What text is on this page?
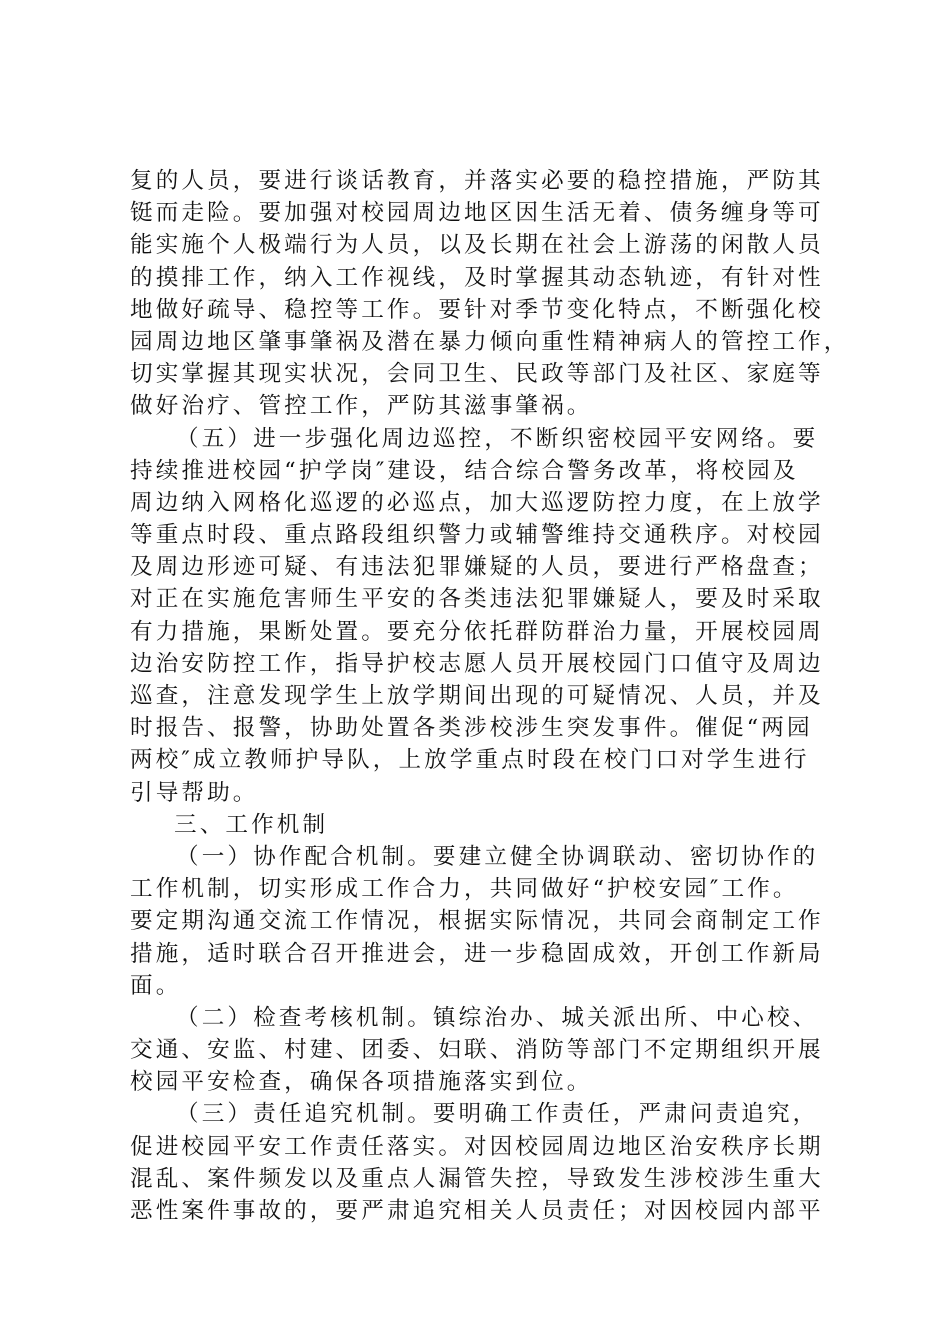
复的人员，要进行谈话教育，并落实必要的稳控措施，严防其
铤而走险。要加强对校园周边地区因生活无着、债务缠身等可
能实施个人极端行为人员，以及长期在社会上游荡的闲散人员
的摸排工作，纳入工作视线，及时掌握其动态轨迹，有针对性
地做好疏导、稳控等工作。要针对季节变化特点，不断强化校
园周边地区肇事肇祸及潜在暴力倾向重性精神病人的管控工作，
切实掌握其现实状况，会同卫生、民政等部门及社区、家庭等
做好治疗、管控工作，严防其滋事肇祸。
（五）进一步强化周边巡控，不断织密校园平安网络。要
持续推进校园“护学岗″建设，结合综合警务改革，将校园及
周边纳入网格化巡逻的必巡点，加大巡逻防控力度，在上放学
等重点时段、重点路段组织警力或辅警维持交通秩序。对校园
及周边形迹可疑、有违法犯罪嫌疑的人员，要进行严格盘查；
对正在实施危害师生平安的各类违法犯罪嫌疑人，要及时采取
有力措施，果断处置。要充分依托群防群治力量，开展校园周
边治安防控工作，指导护校志愿人员开展校园门口值守及周边
巡查，注意发现学生上放学期间出现的可疑情况、人员，并及
时报告、报警，协助处置各类涉校涉生突发事件。催促“两园
两校″成立教师护导队，上放学重点时段在校门口对学生进行
引导帮助。
三、工作机制
（一）协作配合机制。要建立健全协调联动、密切协作的
工作机制，切实形成工作合力，共同做好“护校安园″工作。
要定期沟通交流工作情况，根据实际情况，共同会商制定工作
措施，适时联合召开推进会，进一步稳固成效，开创工作新局
面。
（二）检查考核机制。镇综治办、城关派出所、中心校、
交通、安监、村建、团委、妇联、消防等部门不定期组织开展
校园平安检查，确保各项措施落实到位。
（三）责任追究机制。要明确工作责任，严肃问责追究，
促进校园平安工作责任落实。对因校园周边地区治安秩序长期
混乱、案件频发以及重点人漏管失控，导致发生涉校涉生重大
恶性案件事故的，要严肃追究相关人员责任；对因校园内部平
